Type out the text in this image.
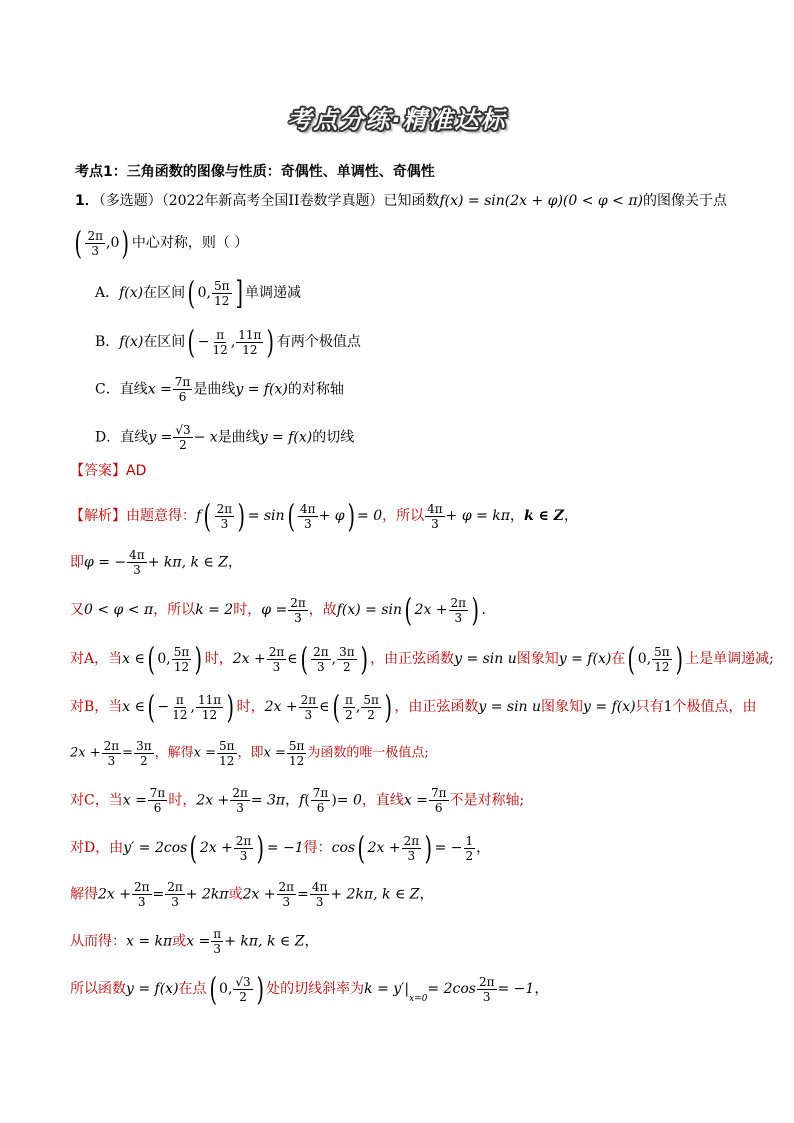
考点分练·精准达标
考点1：三角函数的图像与性质：奇偶性、单调性、奇偶性
1．（多选题）（2022年新高考全国II卷数学真题）已知函数f(x) = sin(2x + φ)(0 < φ < π)的图像关于点
( $\frac{2\pi}{3} ,0$) 中心对称，则（ ）
A．f(x)在区间( 0, $\frac{5\pi}{12}$ ] 单调递减
B．f(x)在区间( − $\frac{\pi}{12}$ , $\frac{11\pi}{12}$ ) 有两个极值点
C．直线$x = \frac{7\pi}{6}$ 是曲线y = f(x)的对称轴
D．直线$y = \frac{√3}{2} - x$是曲线y = f(x)的切线
【答案】AD
【解析】由题意得：$f( \frac{2\pi}{3}$ ) = $\sin( \frac{4\pi}{3} + \varphi) = 0$，所以 $\frac{4\pi}{3} + \varphi = k\pi$，k ∈ Z，
即φ = − $\frac{4\pi}{3} + k\pi$, k ∈ Z，
又0 < φ < π，所以k = 2时，$\varphi = \frac{2\pi}{3}$ ，故f(x) = sin( $2x + \frac{2\pi}{3}$ ) ．
对A，当x ∈( 0, $\frac{5\pi}{12}$ ) 时，$2x + \frac{2\pi}{3}$ ∈( $\frac{2\pi}{3}$ , $\frac{3\pi}{2}$ ) ，由正弦函数y = sin u图象知y = f(x)在( 0, $\frac{5\pi}{12}$ ) 上是单调递减;
对B，当x ∈( − $\frac{\pi}{12}$ , $\frac{11\pi}{12}$ ) 时，$2x + \frac{2\pi}{3}$ ∈( $\frac{\pi}{2}$ , $\frac{5\pi}{2}$ ) ，由正弦函数y = sin u图象知y = f(x)只有1个极值点，由
$2x + \frac{2\pi}{3} = \frac{3\pi}{2}$ ，解得$x = \frac{5\pi}{12}$ ，即$x = \frac{5\pi}{12}$ 为函数的唯一极值点;
对C，当$x = \frac{7\pi}{6}$ 时，$2x + \frac{2\pi}{3} = 3\pi$，$f( \frac{7\pi}{6}$ )= 0，直线$x = \frac{7\pi}{6}$ 不是对称轴;
对D，由y′ = 2cos( $2x + \frac{2\pi}{3}$ ) = −1得：cos( $2x + \frac{2\pi}{3}$ ) = − $\frac{1}{2}$ ，
解得$2x + \frac{2\pi}{3} = \frac{2\pi}{3} + 2k\pi$或$2x + \frac{2\pi}{3} = \frac{4\pi}{3} + 2k\pi$, k ∈ Z，
从而得：x = kπ或$x = \frac{\pi}{3} + k\pi$, k ∈ Z，
所以函数y = f(x)在点( 0, $\frac{√3}{2}$ ) 处的切线斜率为$k = y'|_{x=0}= 2\cos \frac{2\pi}{3} = -1$，
